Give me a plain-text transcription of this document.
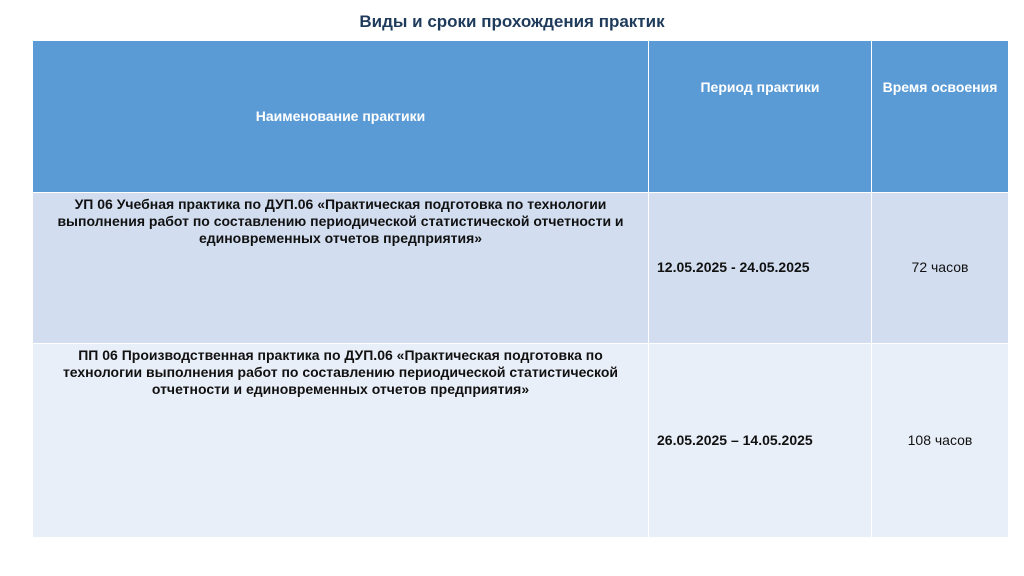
Виды и сроки прохождения практик
Наименование практики	Период практики	Время освоения
УП 06 Учебная практика по ДУП.06 «Практическая подготовка по технологии выполнения работ по составлению периодической статистической отчетности и единовременных отчетов предприятия»	12.05.2025 - 24.05.2025	72 часов
ПП 06 Производственная практика по ДУП.06 «Практическая подготовка по технологии выполнения работ по составлению периодической статистической отчетности и единовременных отчетов предприятия»	26.05.2025 – 14.05.2025	108 часов
